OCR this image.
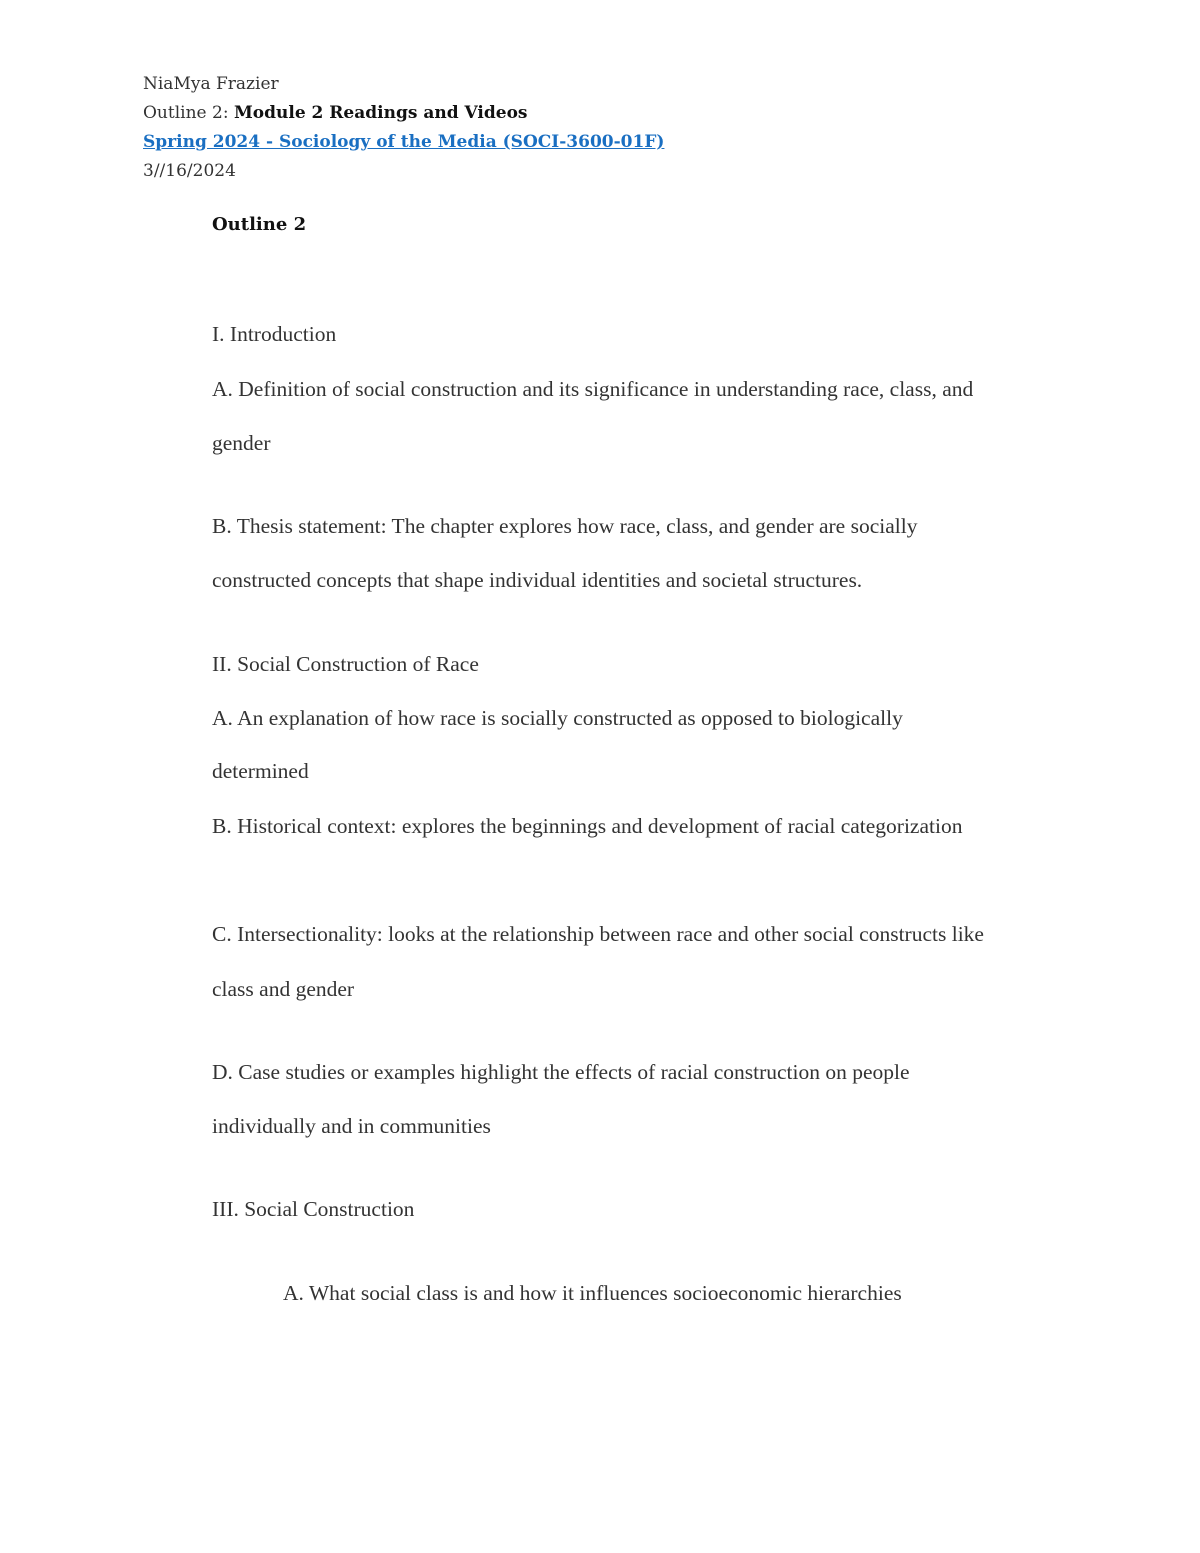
NiaMya Frazier
Outline 2: Module 2 Readings and Videos
Spring 2024 - Sociology of the Media (SOCI-3600-01F)
3//16/2024
Outline 2
I. Introduction
A. Definition of social construction and its significance in understanding race, class, and
gender
B. Thesis statement: The chapter explores how race, class, and gender are socially
constructed concepts that shape individual identities and societal structures.
II. Social Construction of Race
A. An explanation of how race is socially constructed as opposed to biologically
determined
B. Historical context: explores the beginnings and development of racial categorization
C. Intersectionality: looks at the relationship between race and other social constructs like
class and gender
D. Case studies or examples highlight the effects of racial construction on people
individually and in communities
III. Social Construction
A. What social class is and how it influences socioeconomic hierarchies
